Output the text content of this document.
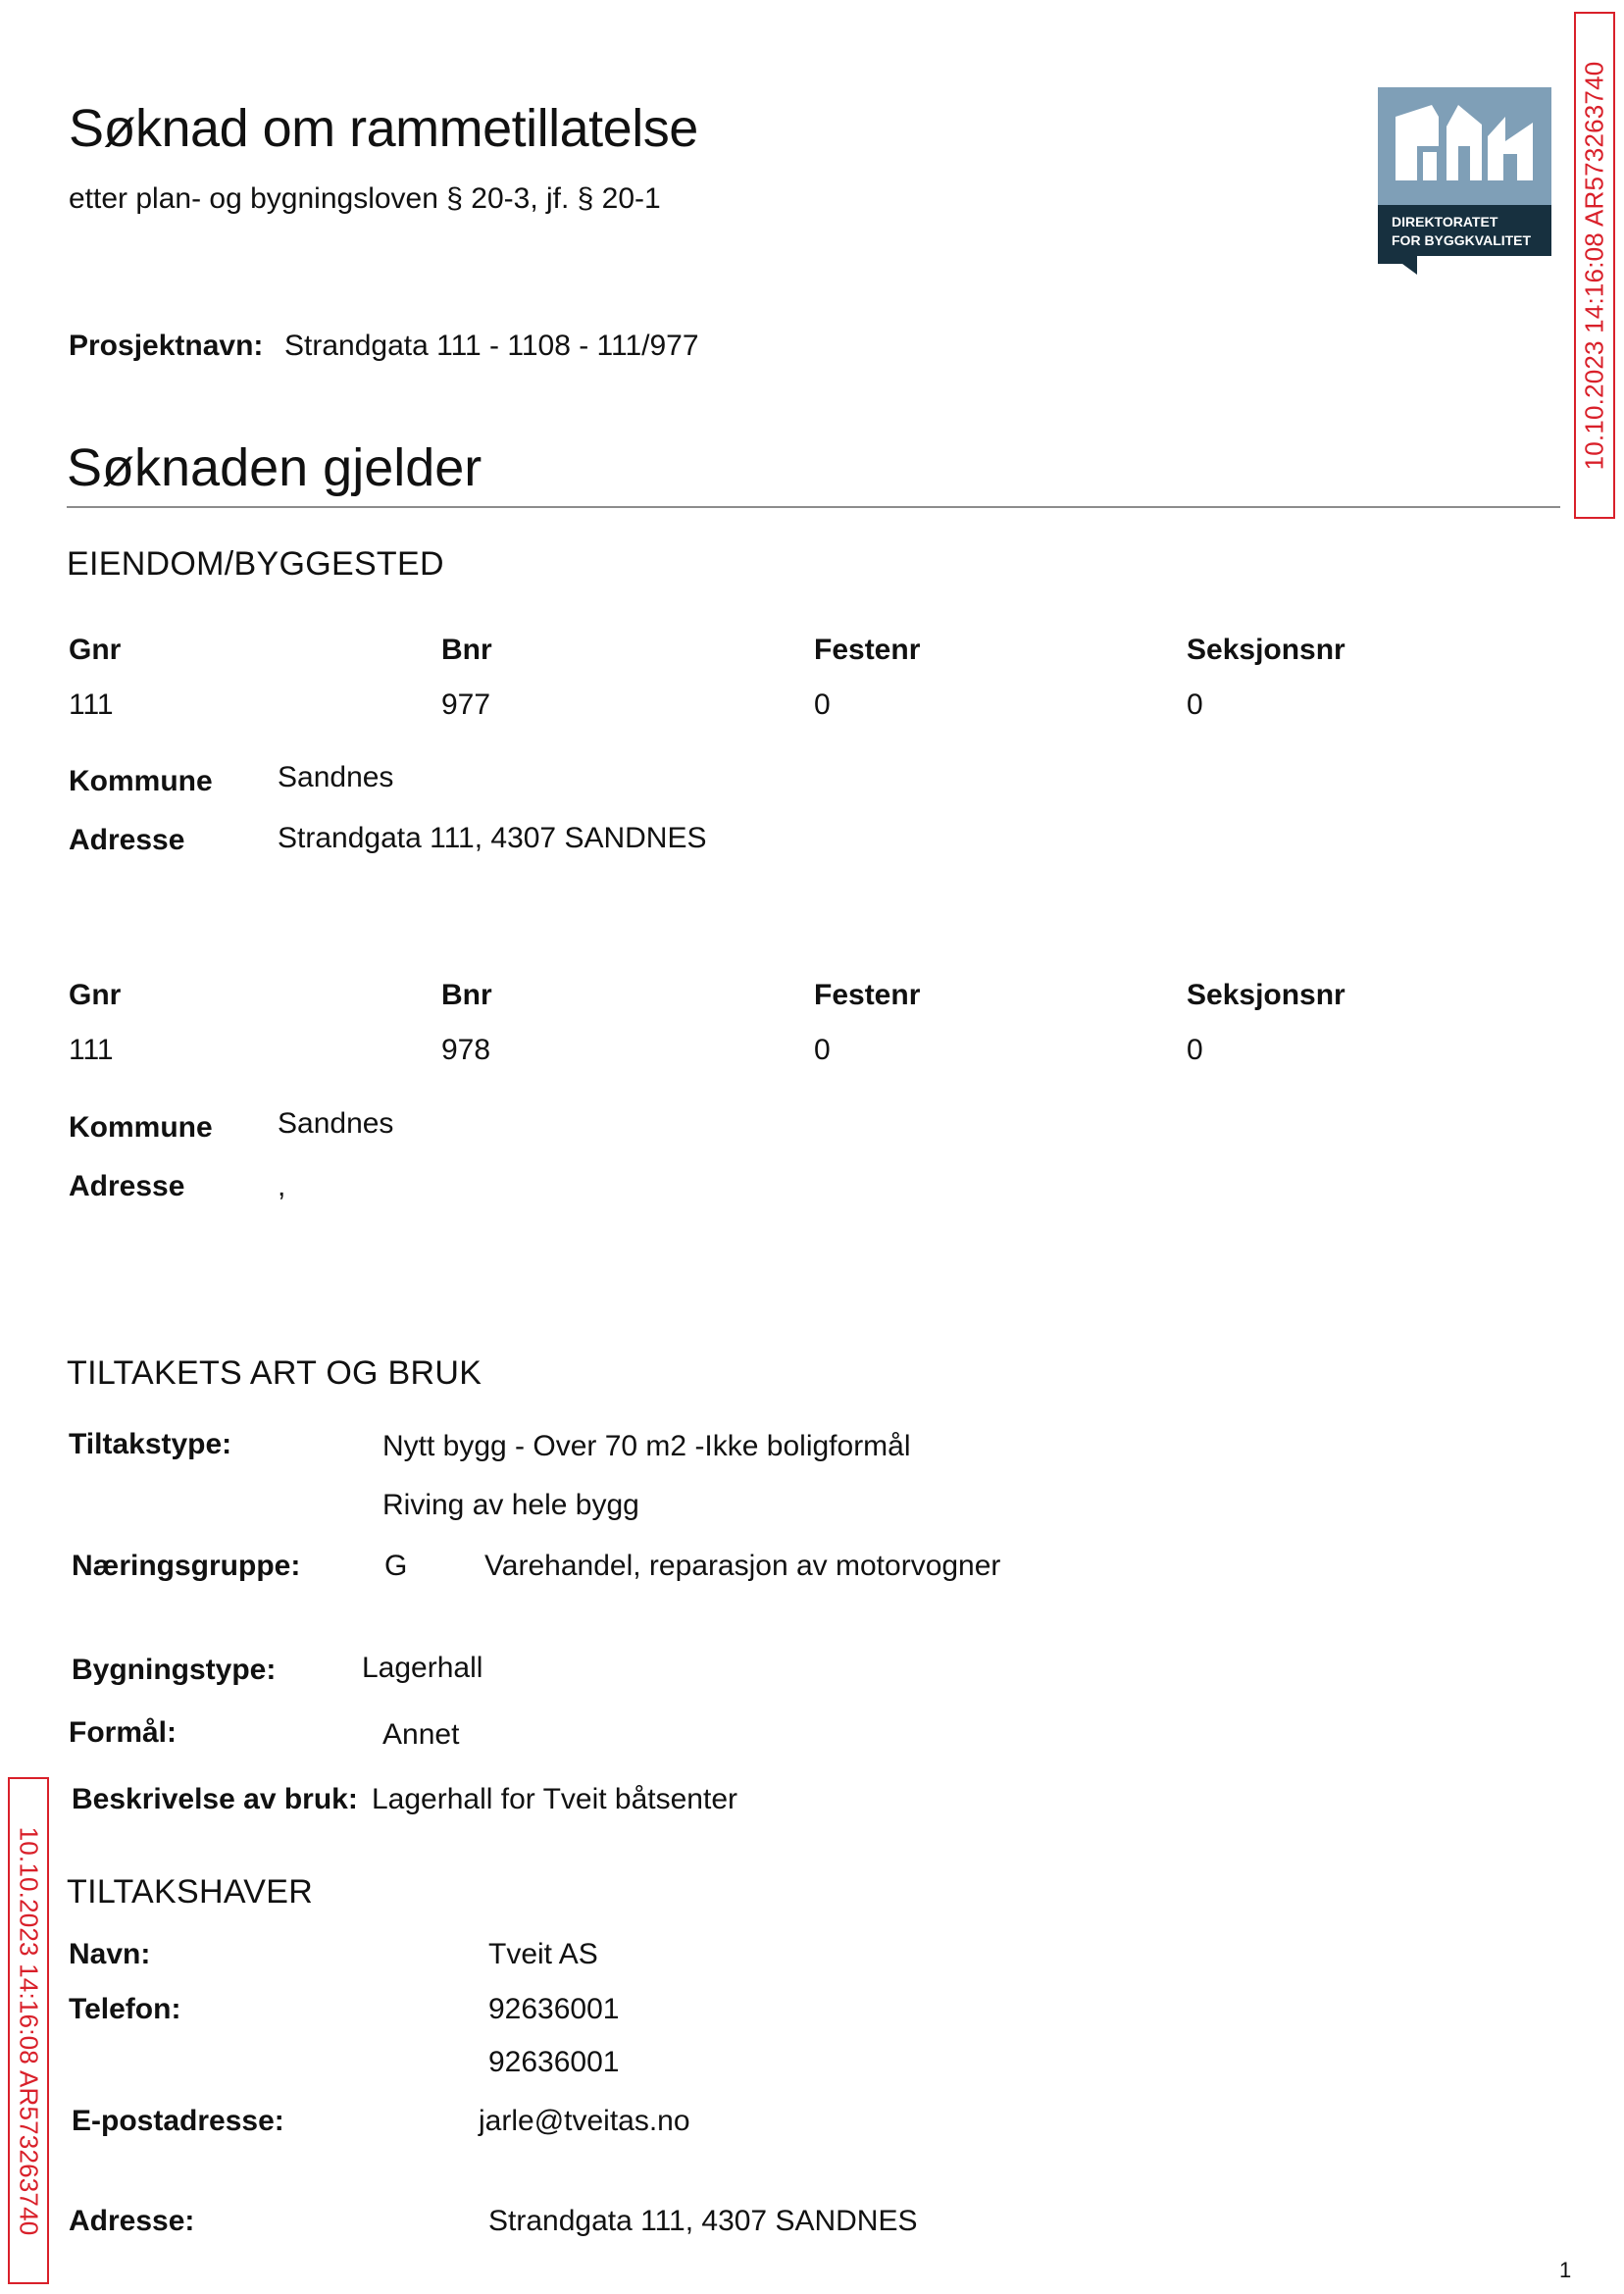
Søknad om rammetillatelse
etter plan- og bygningsloven § 20-3, jf. § 20-1
DIREKTORATET
FOR BYGGKVALITET
Prosjektnavn: Strandgata 111 - 1108 - 111/977
Søknaden gjelder
EIENDOM/BYGGESTED
Gnr	Bnr	Festenr	Seksjonsnr
111	977	0	0
Kommune Sandnes
Adresse	Strandgata 111, 4307 SANDNES
Gnr	Bnr	Festenr	Seksjonsnr
111	978	0	0
Kommune Sandnes
Adresse	,
TILTAKETS ART OG BRUK
Tiltakstype:	Nytt bygg - Over 70 m2 -Ikke boligformål
Riving av hele bygg
Næringsgruppe:	G	Varehandel, reparasjon av motorvogner
Bygningstype:	Lagerhall
Formål:	Annet
Beskrivelse av bruk: Lagerhall for Tveit båtsenter
TILTAKSHAVER
Navn:	Tveit AS
Telefon:	92636001
92636001
E-postadresse:	jarle@tveitas.no
Adresse:	Strandgata 111, 4307 SANDNES
10.10.2023 14:16:08 AR573263740
10.10.2023 14:16:08 AR573263740
1
